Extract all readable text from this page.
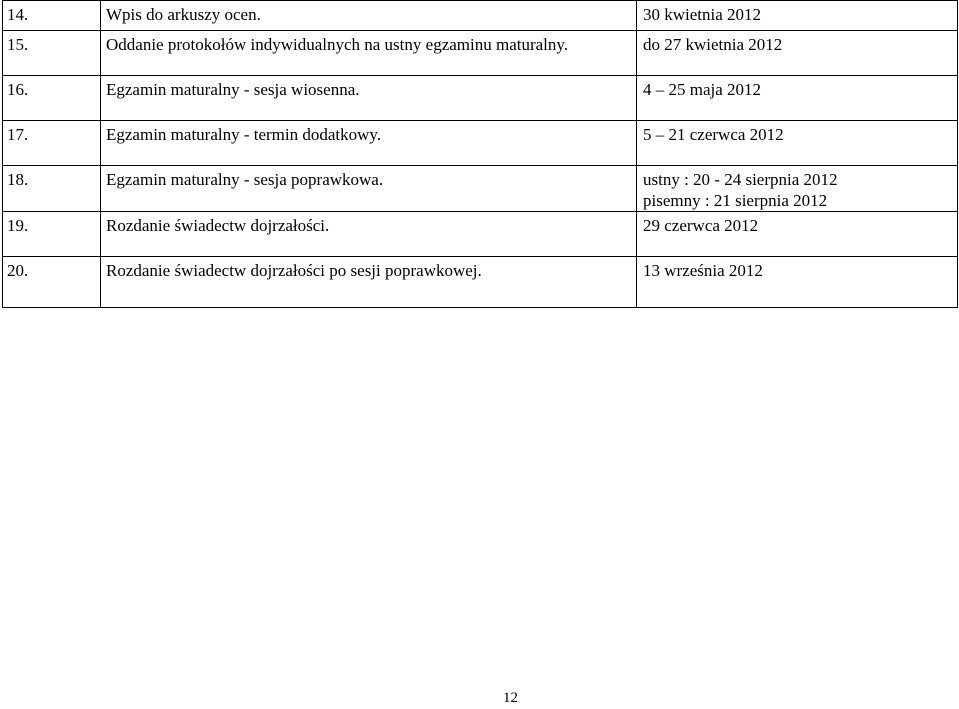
14.	Wpis do arkuszy ocen.	30 kwietnia 2012

15.	Oddanie protokołów indywidualnych na ustny egzaminu maturalny.	do 27 kwietnia 2012

16.	Egzamin maturalny - sesja wiosenna.	4 – 25 maja 2012

17.	Egzamin maturalny - termin dodatkowy.	5 – 21 czerwca 2012

18.	Egzamin maturalny - sesja poprawkowa.	ustny : 20 - 24 sierpnia 2012
pisemny : 21 sierpnia 2012

19.	Rozdanie świadectw dojrzałości.	29 czerwca 2012

20.	Rozdanie świadectw dojrzałości po sesji poprawkowej.	13 września 2012
12
